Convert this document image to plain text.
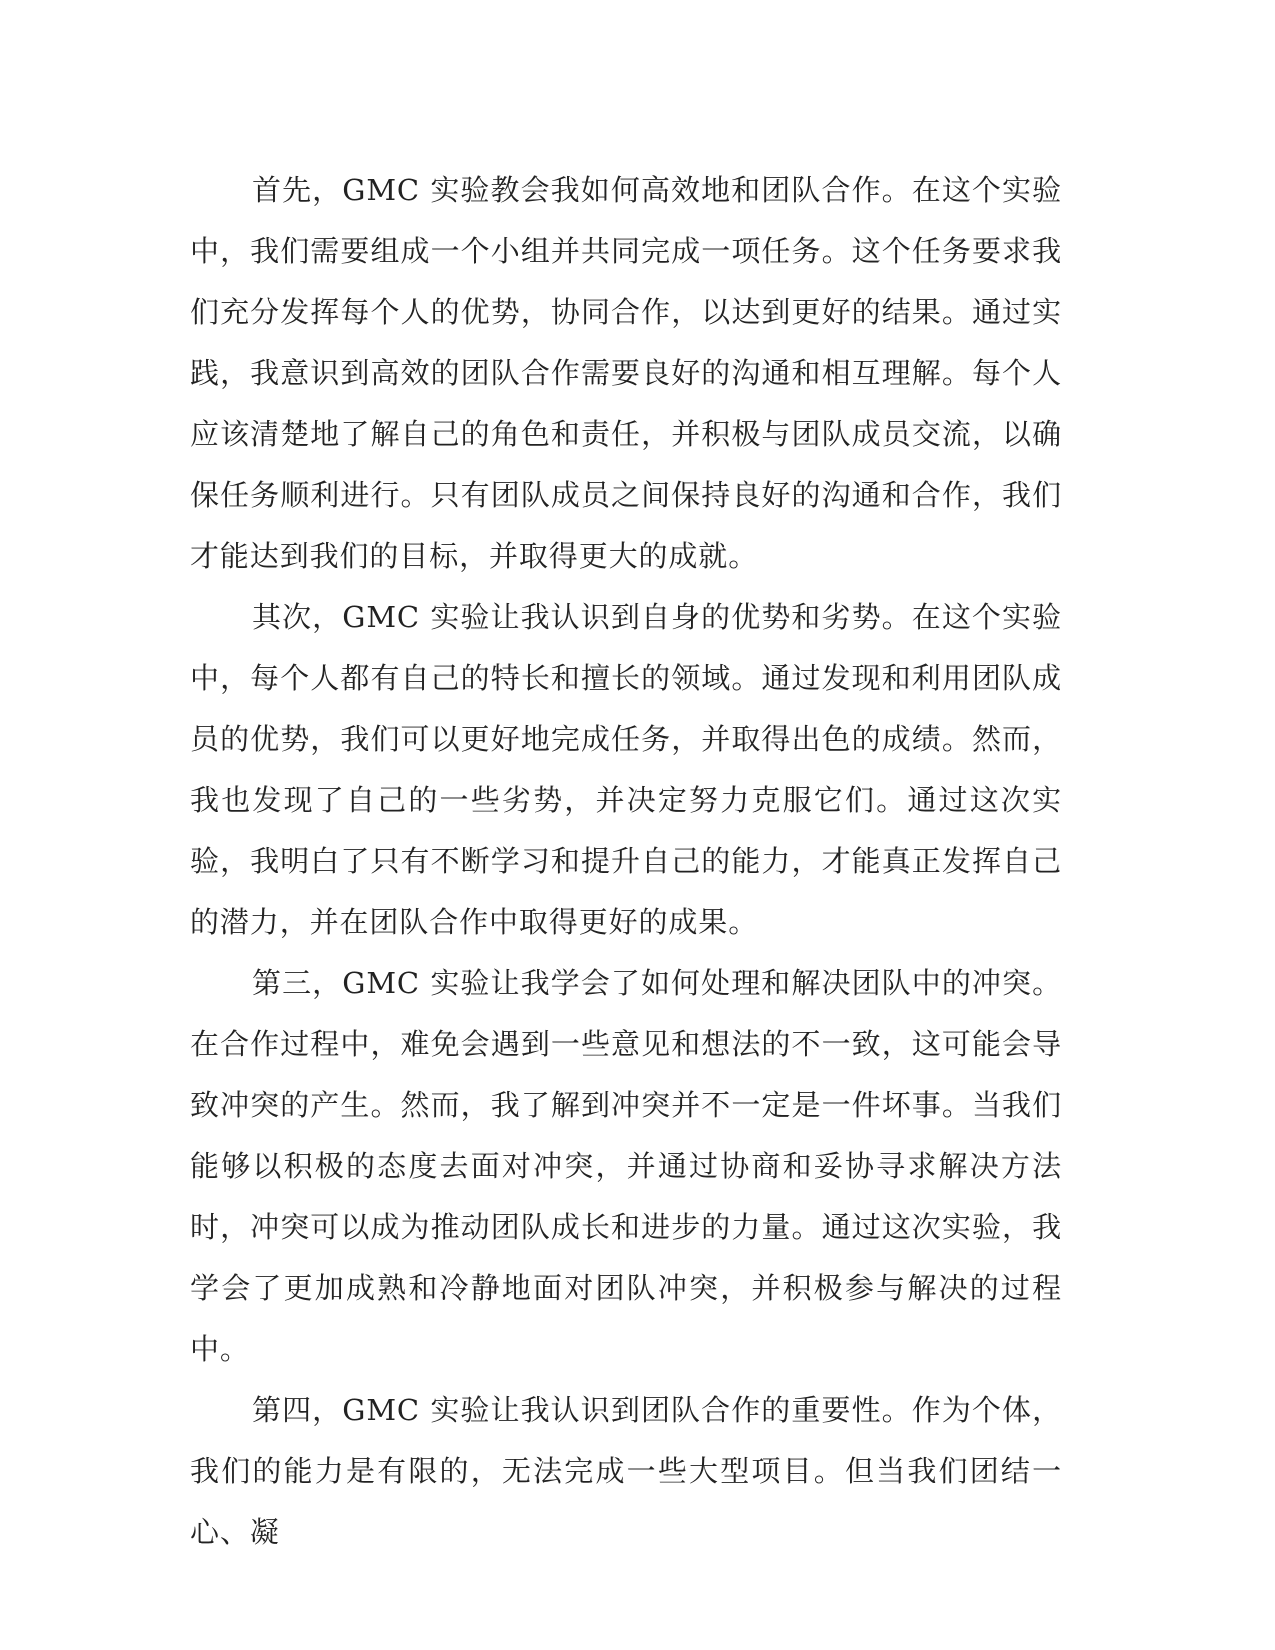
首先，GMC 实验教会我如何高效地和团队合作。在这个实验中，我们需要组成一个小组并共同完成一项任务。这个任务要求我们充分发挥每个人的优势，协同合作，以达到更好的结果。通过实践，我意识到高效的团队合作需要良好的沟通和相互理解。每个人应该清楚地了解自己的角色和责任，并积极与团队成员交流，以确保任务顺利进行。只有团队成员之间保持良好的沟通和合作，我们才能达到我们的目标，并取得更大的成就。

其次，GMC 实验让我认识到自身的优势和劣势。在这个实验中，每个人都有自己的特长和擅长的领域。通过发现和利用团队成员的优势，我们可以更好地完成任务，并取得出色的成绩。然而，我也发现了自己的一些劣势，并决定努力克服它们。通过这次实验，我明白了只有不断学习和提升自己的能力，才能真正发挥自己的潜力，并在团队合作中取得更好的成果。

第三，GMC 实验让我学会了如何处理和解决团队中的冲突。在合作过程中，难免会遇到一些意见和想法的不一致，这可能会导致冲突的产生。然而，我了解到冲突并不一定是一件坏事。当我们能够以积极的态度去面对冲突，并通过协商和妥协寻求解决方法时，冲突可以成为推动团队成长和进步的力量。通过这次实验，我学会了更加成熟和冷静地面对团队冲突，并积极参与解决的过程中。

第四，GMC 实验让我认识到团队合作的重要性。作为个体，我们的能力是有限的，无法完成一些大型项目。但当我们团结一心、凝
